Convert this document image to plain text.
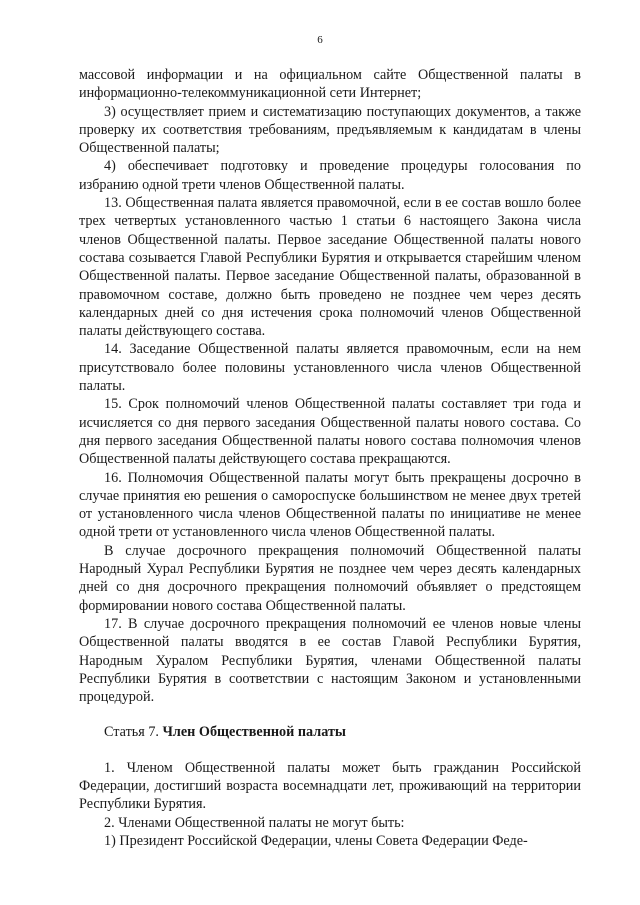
6

массовой информации и на официальном сайте Общественной палаты в информационно-телекоммуникационной сети Интернет;

3) осуществляет прием и систематизацию поступающих документов, а также проверку их соответствия требованиям, предъявляемым к кандидатам в члены Общественной палаты;

4) обеспечивает подготовку и проведение процедуры голосования по избранию одной трети членов Общественной палаты.

13. Общественная палата является правомочной, если в ее состав вошло более трех четвертых установленного частью 1 статьи 6 настоящего Закона числа членов Общественной палаты. Первое заседание Общественной палаты нового состава созывается Главой Республики Бурятия и открывается старейшим членом Общественной палаты. Первое заседание Общественной палаты, образованной в правомочном составе, должно быть проведено не позднее чем через десять календарных дней со дня истечения срока полномочий членов Общественной палаты действующего состава.

14. Заседание Общественной палаты является правомочным, если на нем присутствовало более половины установленного числа членов Общественной палаты.

15. Срок полномочий членов Общественной палаты составляет три года и исчисляется со дня первого заседания Общественной палаты нового состава. Со дня первого заседания Общественной палаты нового состава полномочия членов Общественной палаты действующего состава прекращаются.

16. Полномочия Общественной палаты могут быть прекращены досрочно в случае принятия ею решения о самороспуске большинством не менее двух третей от установленного числа членов Общественной палаты по инициативе не менее одной трети от установленного числа членов Общественной палаты.

В случае досрочного прекращения полномочий Общественной палаты Народный Хурал Республики Бурятия не позднее чем через десять календарных дней со дня досрочного прекращения полномочий объявляет о предстоящем формировании нового состава Общественной палаты.

17. В случае досрочного прекращения полномочий ее членов новые члены Общественной палаты вводятся в ее состав Главой Республики Бурятия, Народным Хуралом Республики Бурятия, членами Общественной палаты Республики Бурятия в соответствии с настоящим Законом и установленными процедурой.

Статья 7. Член Общественной палаты

1. Членом Общественной палаты может быть гражданин Российской Федерации, достигший возраста восемнадцати лет, проживающий на территории Республики Бурятия.

2. Членами Общественной палаты не могут быть:

1) Президент Российской Федерации, члены Совета Федерации Феде-
